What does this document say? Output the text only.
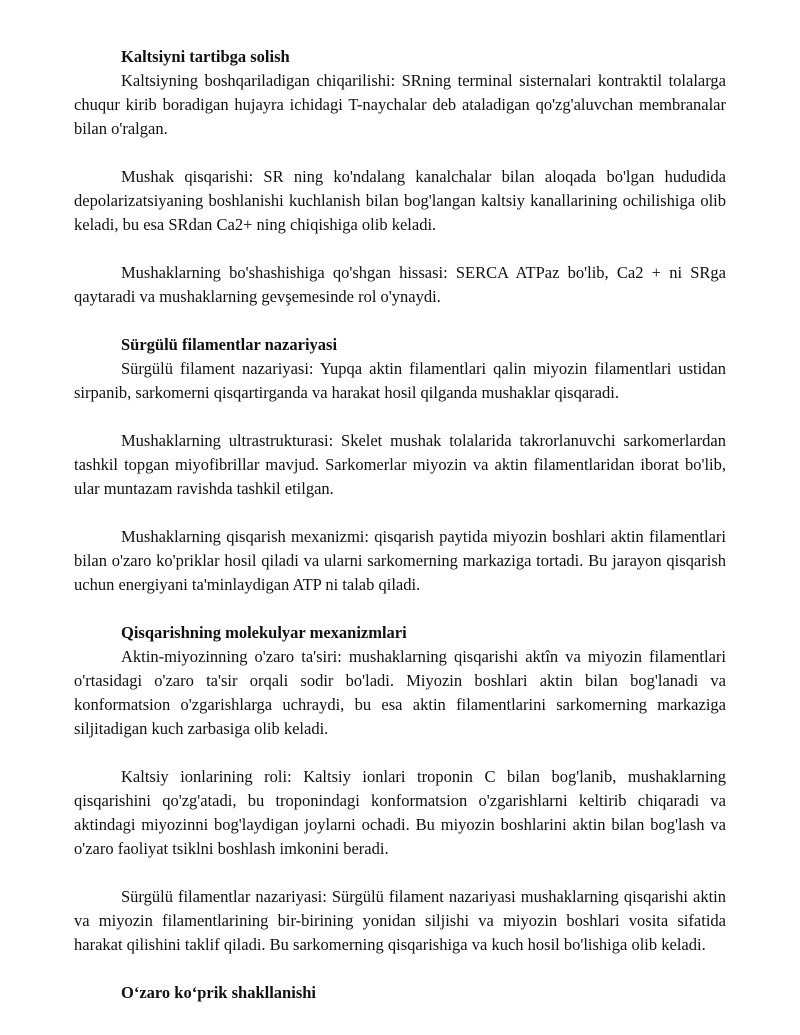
Kaltsiyni tartibga solish

Kaltsiyning boshqariladigan chiqarilishi: SRning terminal sisternalari kontraktil tolalarga chuqur kirib boradigan hujayra ichidagi T-naychalar deb ataladigan qo'zg'aluvchan membranalar bilan o'ralgan.

Mushak qisqarishi: SR ning ko'ndalang kanalchalar bilan aloqada bo'lgan hududida depolarizatsiyaning boshlanishi kuchlanish bilan bog'langan kaltsiy kanallarining ochilishiga olib keladi, bu esa SRdan Ca2+ ning chiqishiga olib keladi.

Mushaklarning bo'shashishiga qo'shgan hissasi: SERCA ATPaz bo'lib, Ca2 + ni SRga qaytaradi va mushaklarning gevşemesinde rol o'ynaydi.

Sürgülü filamentlar nazariyasi

Sürgülü filament nazariyasi: Yupqa aktin filamentlari qalin miyozin filamentlari ustidan sirpanib, sarkomerni qisqartirganda va harakat hosil qilganda mushaklar qisqaradi.

Mushaklarning ultrastrukturasi: Skelet mushak tolalarida takrorlanuvchi sarkomerlardan tashkil topgan miyofibrillar mavjud. Sarkomerlar miyozin va aktin filamentlaridan iborat bo'lib, ular muntazam ravishda tashkil etilgan.

Mushaklarning qisqarish mexanizmi: qisqarish paytida miyozin boshlari aktin filamentlari bilan o'zaro ko'priklar hosil qiladi va ularni sarkomerning markaziga tortadi. Bu jarayon qisqarish uchun energiyani ta'minlaydigan ATP ni talab qiladi.

Qisqarishning molekulyar mexanizmlari

Aktin-miyozinning o'zaro ta'siri: mushaklarning qisqarishi aktîn va miyozin filamentlari o'rtasidagi o'zaro ta'sir orqali sodir bo'ladi. Miyozin boshlari aktin bilan bog'lanadi va konformatsion o'zgarishlarga uchraydi, bu esa aktin filamentlarini sarkomerning markaziga siljitadigan kuch zarbasiga olib keladi.

Kaltsiy ionlarining roli: Kaltsiy ionlari troponin C bilan bog'lanib, mushaklarning qisqarishini qo'zg'atadi, bu troponindagi konformatsion o'zgarishlarni keltirib chiqaradi va aktindagi miyozinni bog'laydigan joylarni ochadi. Bu miyozin boshlarini aktin bilan bog'lash va o'zaro faoliyat tsiklni boshlash imkonini beradi.

Sürgülü filamentlar nazariyasi: Sürgülü filament nazariyasi mushaklarning qisqarishi aktin va miyozin filamentlarining bir-birining yonidan siljishi va miyozin boshlari vosita sifatida harakat qilishini taklif qiladi. Bu sarkomerning qisqarishiga va kuch hosil bo'lishiga olib keladi.

O‘zaro ko‘prik shakllanishi
